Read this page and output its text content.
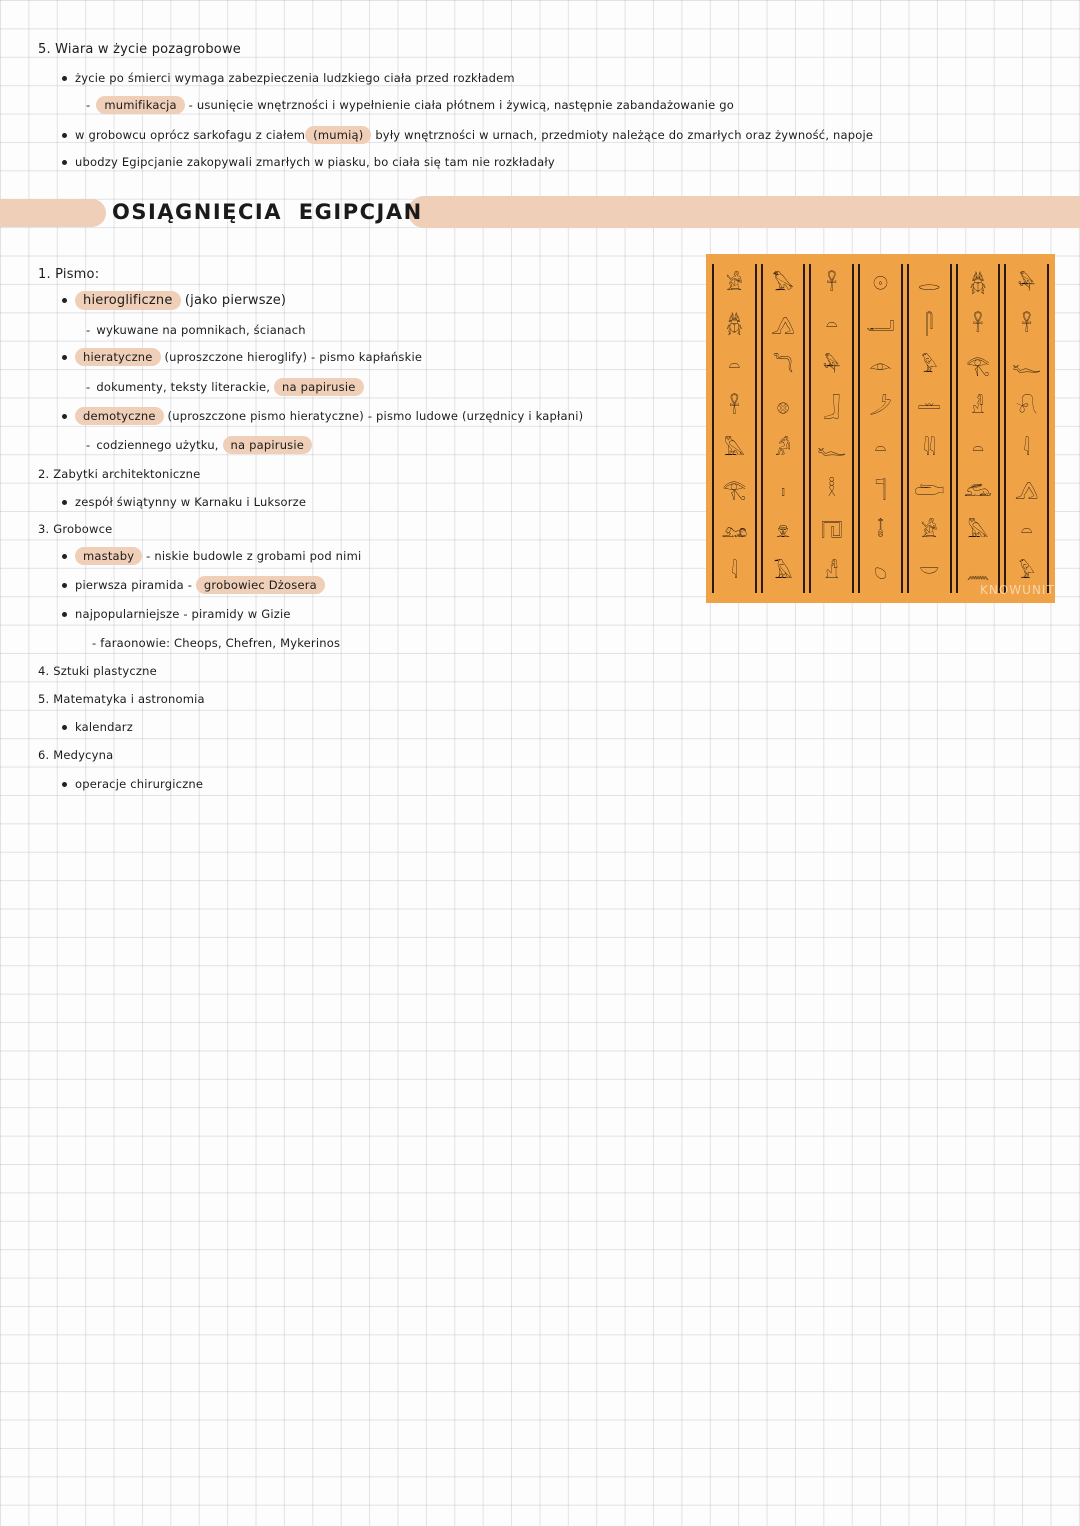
5. Wiara w życie pozagrobowe
życie po śmierci wymaga zabezpieczenia ludzkiego ciała przed rozkładem
- mumifikacja - usunięcie wnętrzności i wypełnienie ciała płótnem i żywicą, następnie zabandażowanie go
w grobowcu oprócz sarkofagu z ciałem (mumią) były wnętrzności w urnach, przedmioty należące do zmarłych oraz żywność, napoje
ubodzy Egipcjanie zakopywali zmarłych w piasku, bo ciała się tam nie rozkładały
OSIĄGNIĘCIA EGIPCJAN
1. Pismo:
hieroglificzne (jako pierwsze)
- wykuwane na pomnikach, ścianach
hieratyczne (uproszczone hieroglify) - pismo kapłańskie
- dokumenty, teksty literackie, na papirusie
demotyczne (uproszczone pismo hieratyczne) - pismo ludowe (urzędnicy i kapłani)
- codziennego użytku, na papirusie
2. Zabytki architektoniczne
zespół świątynny w Karnaku i Luksorze
3. Grobowce
mastaby - niskie budowle z grobami pod nimi
pierwsza piramida - grobowiec Dżosera
najpopularniejsze - piramidy w Gizie
- faraonowie: Cheops, Chefren, Mykerinos
4. Sztuki plastyczne
5. Matematyka i astronomia
kalendarz
6. Medycyna
operacje chirurgiczne
𓀀
𓆣
𓏏
𓋹
𓅓
𓂀
𓃭
𓇋
𓅃
𓂻
𓆓
𓊖
𓀔
𓏤
𓁷
𓄿
𓋹
𓏏
𓅆
𓃀
𓆑
𓎛
𓉔
𓀭
𓇳
𓂝
𓁹
𓌳
𓏏
𓊹
𓄤
𓆇
𓂋
𓋴
𓅱
𓏛
𓇌
𓂧
𓀀
𓎟
𓆣
𓋹
𓂀
𓁐
𓏏
𓃹
𓅓
𓈖
𓅆
𓋹
𓆑
𓍯
𓇋
𓂻
𓏏
𓅱
KNOWUNITY
